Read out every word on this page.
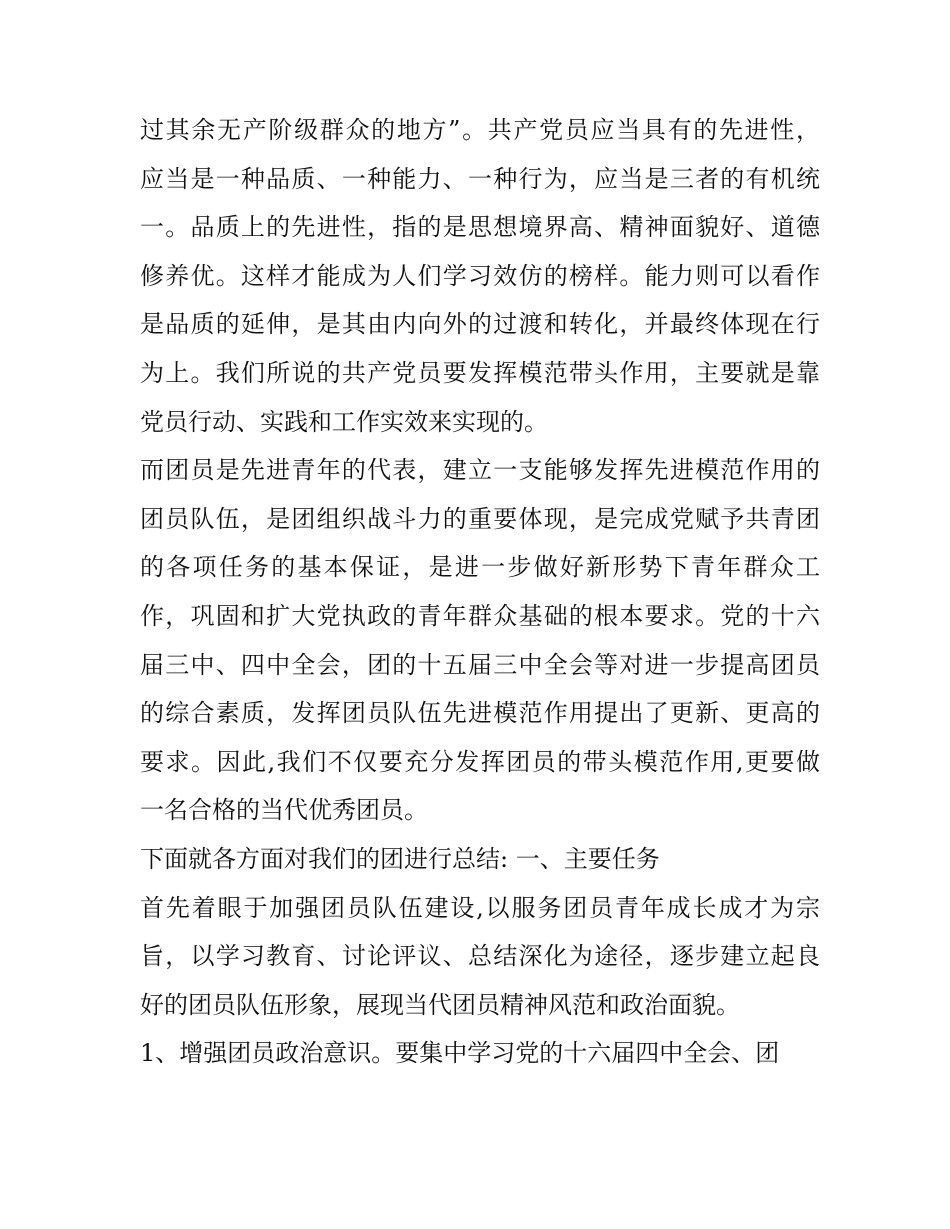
过其余无产阶级群众的地方”。共产党员应当具有的先进性，
应当是一种品质、一种能力、一种行为，应当是三者的有机统
一。品质上的先进性，指的是思想境界高、精神面貌好、道德
修养优。这样才能成为人们学习效仿的榜样。能力则可以看作
是品质的延伸，是其由内向外的过渡和转化，并最终体现在行
为上。我们所说的共产党员要发挥模范带头作用，主要就是靠
党员行动、实践和工作实效来实现的。
而团员是先进青年的代表，建立一支能够发挥先进模范作用的
团员队伍，是团组织战斗力的重要体现，是完成党赋予共青团
的各项任务的基本保证，是进一步做好新形势下青年群众工
作，巩固和扩大党执政的青年群众基础的根本要求。党的十六
届三中、四中全会，团的十五届三中全会等对进一步提高团员
的综合素质，发挥团员队伍先进模范作用提出了更新、更高的
要求。因此,我们不仅要充分发挥团员的带头模范作用,更要做
一名合格的当代优秀团员。
下面就各方面对我们的团进行总结: 一、主要任务
首先着眼于加强团员队伍建设,以服务团员青年成长成才为宗
旨，以学习教育、讨论评议、总结深化为途径，逐步建立起良
好的团员队伍形象，展现当代团员精神风范和政治面貌。
1、增强团员政治意识。要集中学习党的十六届四中全会、团
